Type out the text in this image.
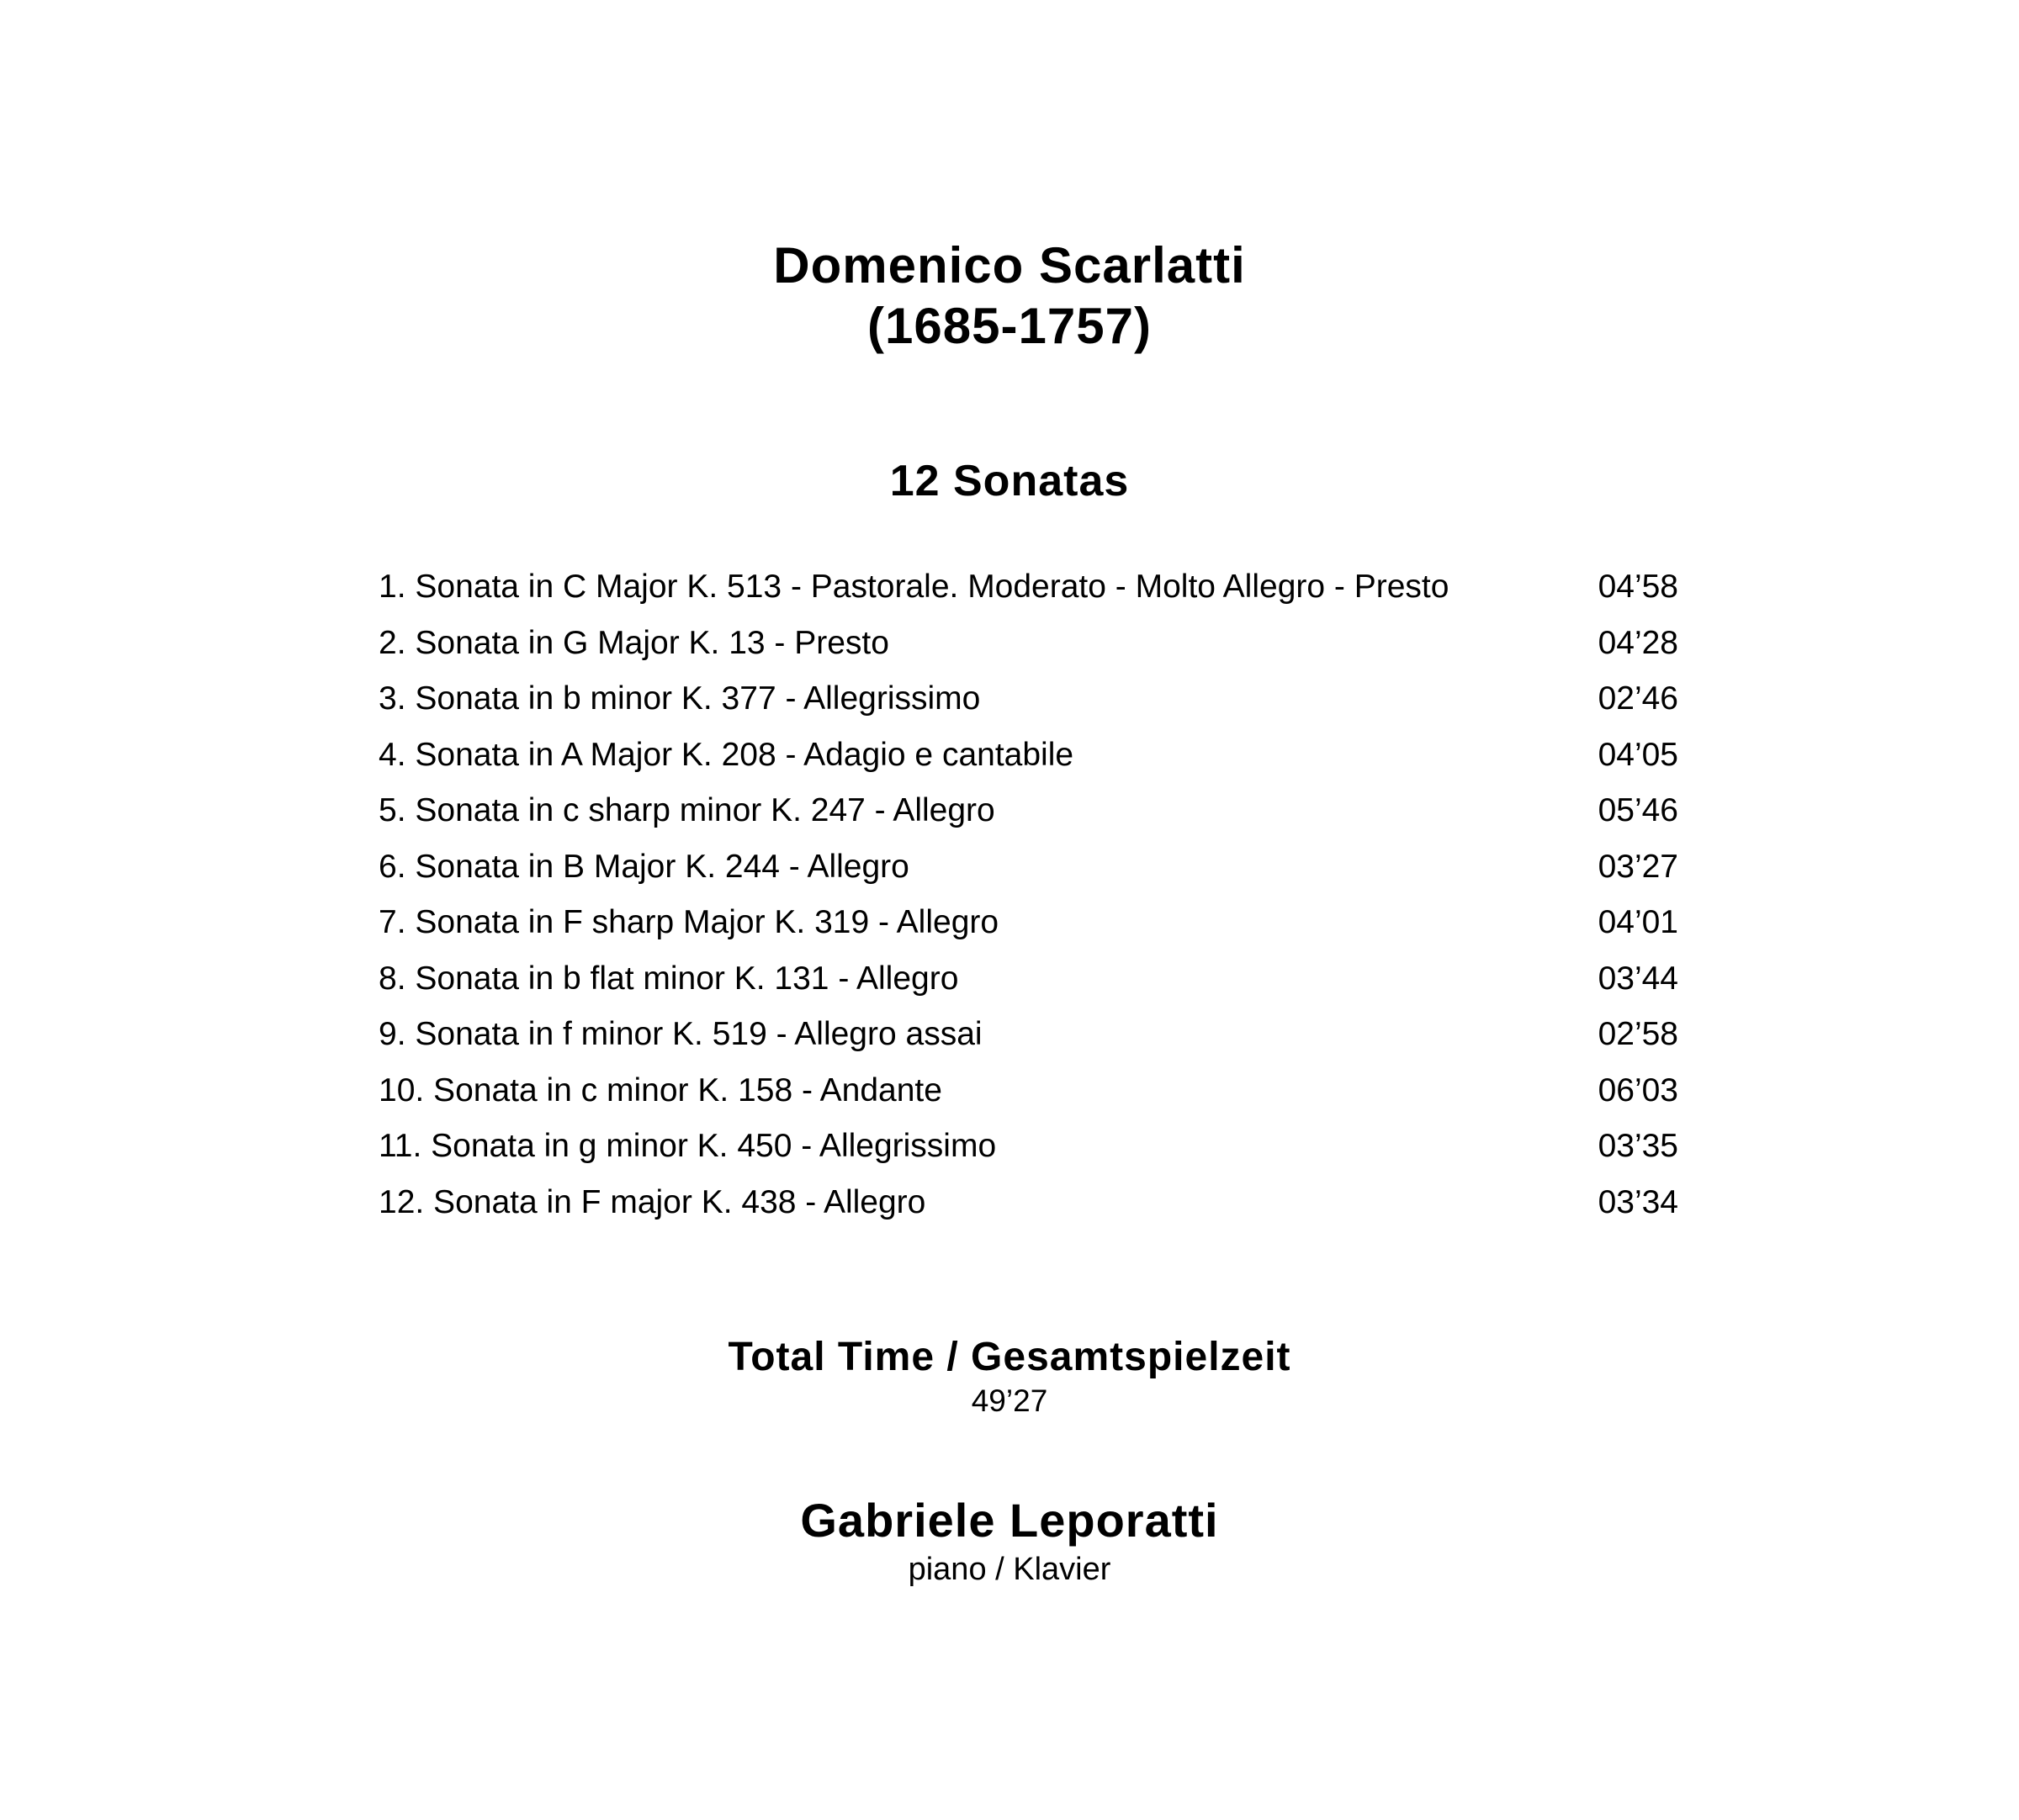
Domenico Scarlatti
(1685-1757)
12 Sonatas
1. Sonata in C Major K. 513 - Pastorale. Moderato - Molto Allegro - Presto	04’58
2. Sonata in G Major K. 13 - Presto	04’28
3. Sonata in b minor K. 377 - Allegrissimo	02’46
4. Sonata in A Major K. 208 - Adagio e cantabile	04’05
5. Sonata in c sharp minor K. 247 - Allegro	05’46
6. Sonata in B Major K. 244 - Allegro	03’27
7. Sonata in F sharp Major K. 319 - Allegro	04’01
8. Sonata in b flat minor K. 131 - Allegro	03’44
9. Sonata in f minor K. 519 - Allegro assai	02’58
10. Sonata in c minor K. 158 - Andante	06’03
11. Sonata in g minor K. 450 - Allegrissimo	03’35
12. Sonata in F major K. 438 - Allegro	03’34
Total Time / Gesamtspielzeit
49’27
Gabriele Leporatti
piano / Klavier
